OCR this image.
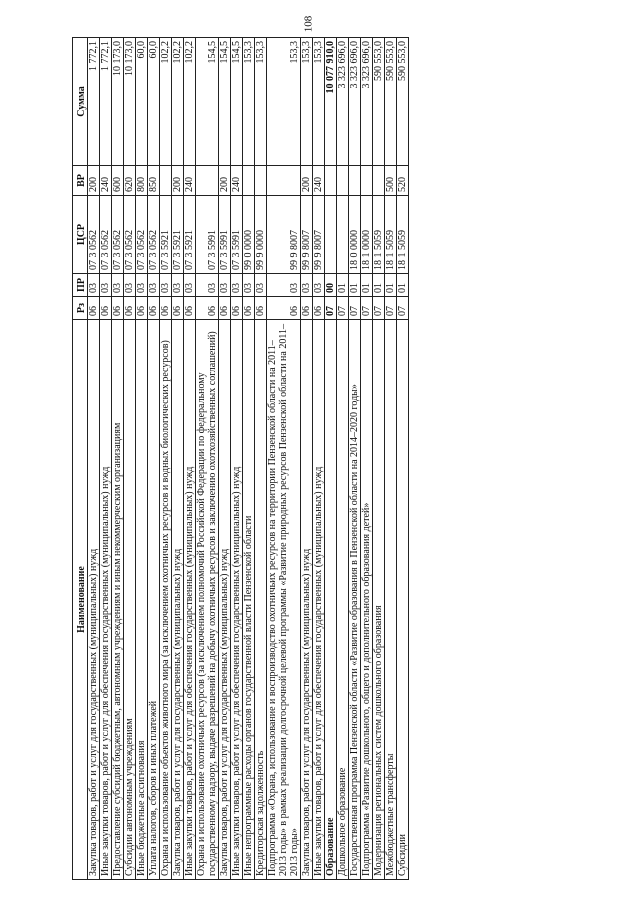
108
Наименование	Рз	ПР	ЦСР	ВР	Сумма
Закупка товаров, работ и услуг для государственных (муниципальных) нужд	06	03	07 3 0562	200	1 772,1
Иные закупки товаров, работ и услуг для обеспечения государственных (муниципальных) нужд	06	03	07 3 0562	240	1 772,1
Предоставление субсидий бюджетным, автономным учреждениям и иным некоммерческим организациям	06	03	07 3 0562	600	10 173,0
Субсидии автономным учреждениям	06	03	07 3 0562	620	10 173,0
Иные бюджетные ассигнования	06	03	07 3 0562	800	60,0
Уплата налогов, сборов и иных платежей	06	03	07 3 0562	850	60,0
Охрана и использование объектов животного мира (за исключением охотничьих ресурсов и водных биологических ресурсов)	06	03	07 3 5921		102,2
Закупка товаров, работ и услуг для государственных (муниципальных) нужд	06	03	07 3 5921	200	102,2
Иные закупки товаров, работ и услуг для обеспечения государственных (муниципальных) нужд	06	03	07 3 5921	240	102,2
Охрана и использование охотничьих ресурсов (за исключением полномочий Российской Федерации по федеральному государственному надзору, выдаче разрешений на добычу охотничьих ресурсов и заключению охотхозяйственных соглашений)	06	03	07 3 5991		154,5
Закупка товаров, работ и услуг для государственных (муниципальных) нужд	06	03	07 3 5991	200	154,5
Иные закупки товаров, работ и услуг для обеспечения государственных (муниципальных) нужд	06	03	07 3 5991	240	154,5
Иные непрограммные расходы органов государственной власти Пензенской области	06	03	99 0 0000		153,3
Кредиторская задолженность	06	03	99 9 0000		153,3
Подпрограмма «Охрана, использование и воспроизводство охотничьих ресурсов на территории Пензенской области на 2011–2013 годы» в рамках реализации долгосрочной целевой программы «Развитие природных ресурсов Пензенской области на 2011–2013 годы»	06	03	99 9 8007		153,3
Закупка товаров, работ и услуг для государственных (муниципальных) нужд	06	03	99 9 8007	200	153,3
Иные закупки товаров, работ и услуг для обеспечения государственных (муниципальных) нужд	06	03	99 9 8007	240	153,3
Образование	07	00			10 077 910,0
Дошкольное образование	07	01			3 323 696,0
Государственная программа Пензенской области «Развитие образования в Пензенской области на 2014–2020 годы»	07	01	18 0 0000		3 323 696,0
Подпрограмма «Развитие дошкольного, общего и дополнительного образования детей»	07	01	18 1 0000		3 323 696,0
Модернизация региональных систем дошкольного образования	07	01	18 1 5059		590 553,0
Межбюджетные трансферты	07	01	18 1 5059	500	590 553,0
Субсидии	07	01	18 1 5059	520	590 553,0
